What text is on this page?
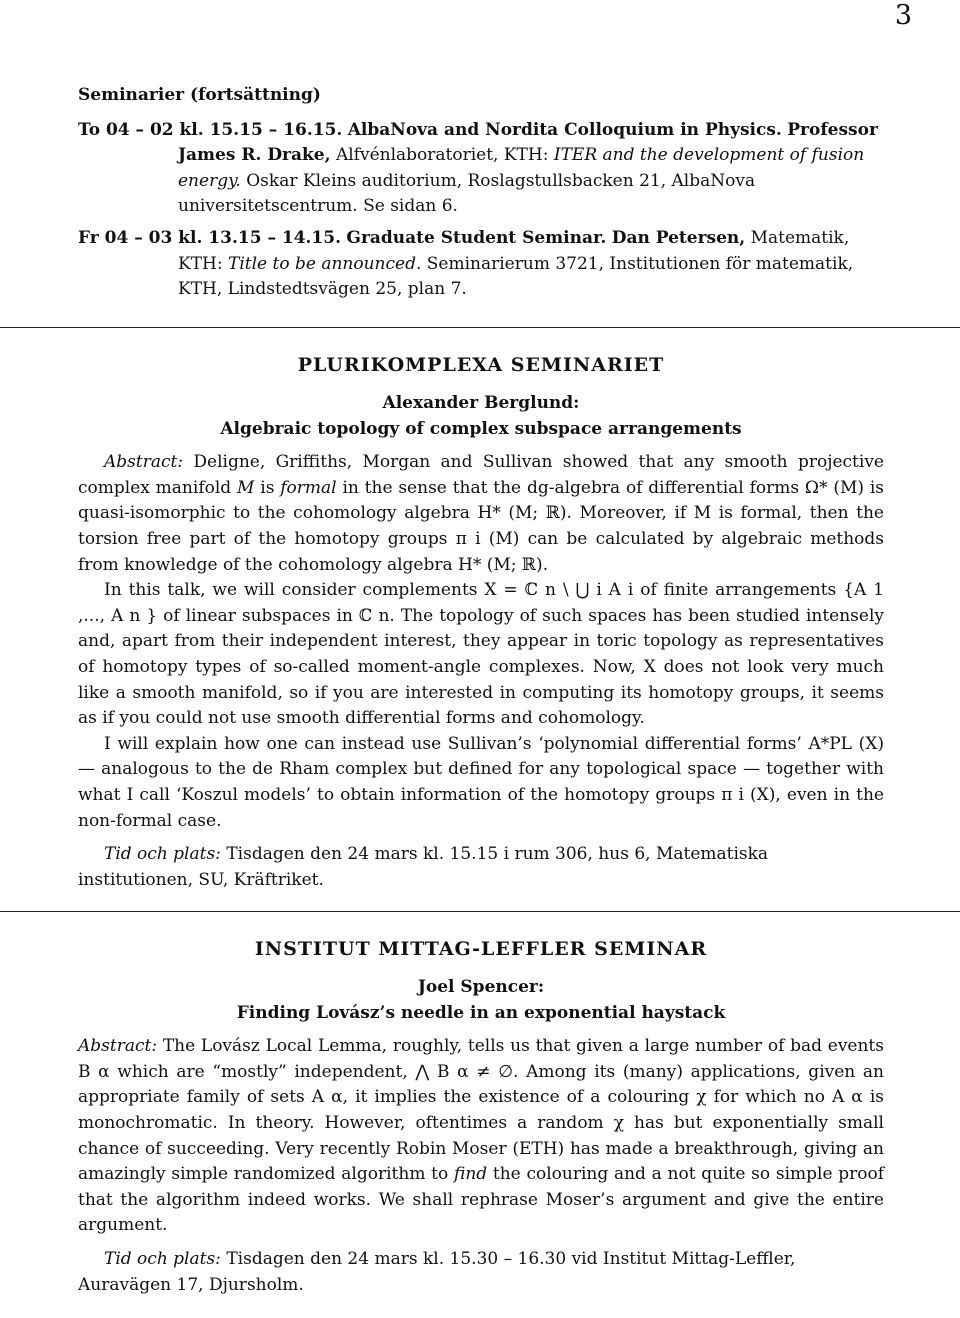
3

Seminarier (fortsättning)

To 04 – 02 kl. 15.15 – 16.15. AlbaNova and Nordita Colloquium in Physics. Professor James R. Drake, Alfvénlaboratoriet, KTH: ITER and the development of fusion energy. Oskar Kleins auditorium, Roslagstullsbacken 21, AlbaNova universitetscentrum. Se sidan 6.

Fr 04 – 03 kl. 13.15 – 14.15. Graduate Student Seminar. Dan Petersen, Matematik, KTH: Title to be announced. Seminarierum 3721, Institutionen för matematik, KTH, Lindstedtsvägen 25, plan 7.

PLURIKOMPLEXA SEMINARIET

Alexander Berglund:

Algebraic topology of complex subspace arrangements

Abstract: Deligne, Griffiths, Morgan and Sullivan showed that any smooth projective complex manifold M is formal in the sense that the dg-algebra of differential forms Ω* (M) is quasi-isomorphic to the cohomology algebra H* (M; ℝ). Moreover, if M is formal, then the torsion free part of the homotopy groups π i (M) can be calculated by algebraic methods from knowledge of the cohomology algebra H* (M; ℝ).

In this talk, we will consider complements X = ℂ n \ ⋃ i A i of finite arrangements {A 1 ,..., A n } of linear subspaces in ℂ n. The topology of such spaces has been studied intensely and, apart from their independent interest, they appear in toric topology as representatives of homotopy types of so-called moment-angle complexes. Now, X does not look very much like a smooth manifold, so if you are interested in computing its homotopy groups, it seems as if you could not use smooth differential forms and cohomology.

I will explain how one can instead use Sullivan’s ‘polynomial differential forms’ A*PL (X) — analogous to the de Rham complex but defined for any topological space — together with what I call ‘Koszul models’ to obtain information of the homotopy groups π i (X), even in the non-formal case.

Tid och plats: Tisdagen den 24 mars kl. 15.15 i rum 306, hus 6, Matematiska institutionen, SU, Kräftriket.

INSTITUT MITTAG-LEFFLER SEMINAR

Joel Spencer:

Finding Lovász’s needle in an exponential haystack

Abstract: The Lovász Local Lemma, roughly, tells us that given a large number of bad events B α which are “mostly” independent, ⋀ B α ≠ ∅. Among its (many) applications, given an appropriate family of sets A α, it implies the existence of a colouring χ for which no A α is monochromatic. In theory. However, oftentimes a random χ has but exponentially small chance of succeeding. Very recently Robin Moser (ETH) has made a breakthrough, giving an amazingly simple randomized algorithm to find the colouring and a not quite so simple proof that the algorithm indeed works. We shall rephrase Moser’s argument and give the entire argument.

Tid och plats: Tisdagen den 24 mars kl. 15.30 – 16.30 vid Institut Mittag-Leffler, Auravägen 17, Djursholm.
